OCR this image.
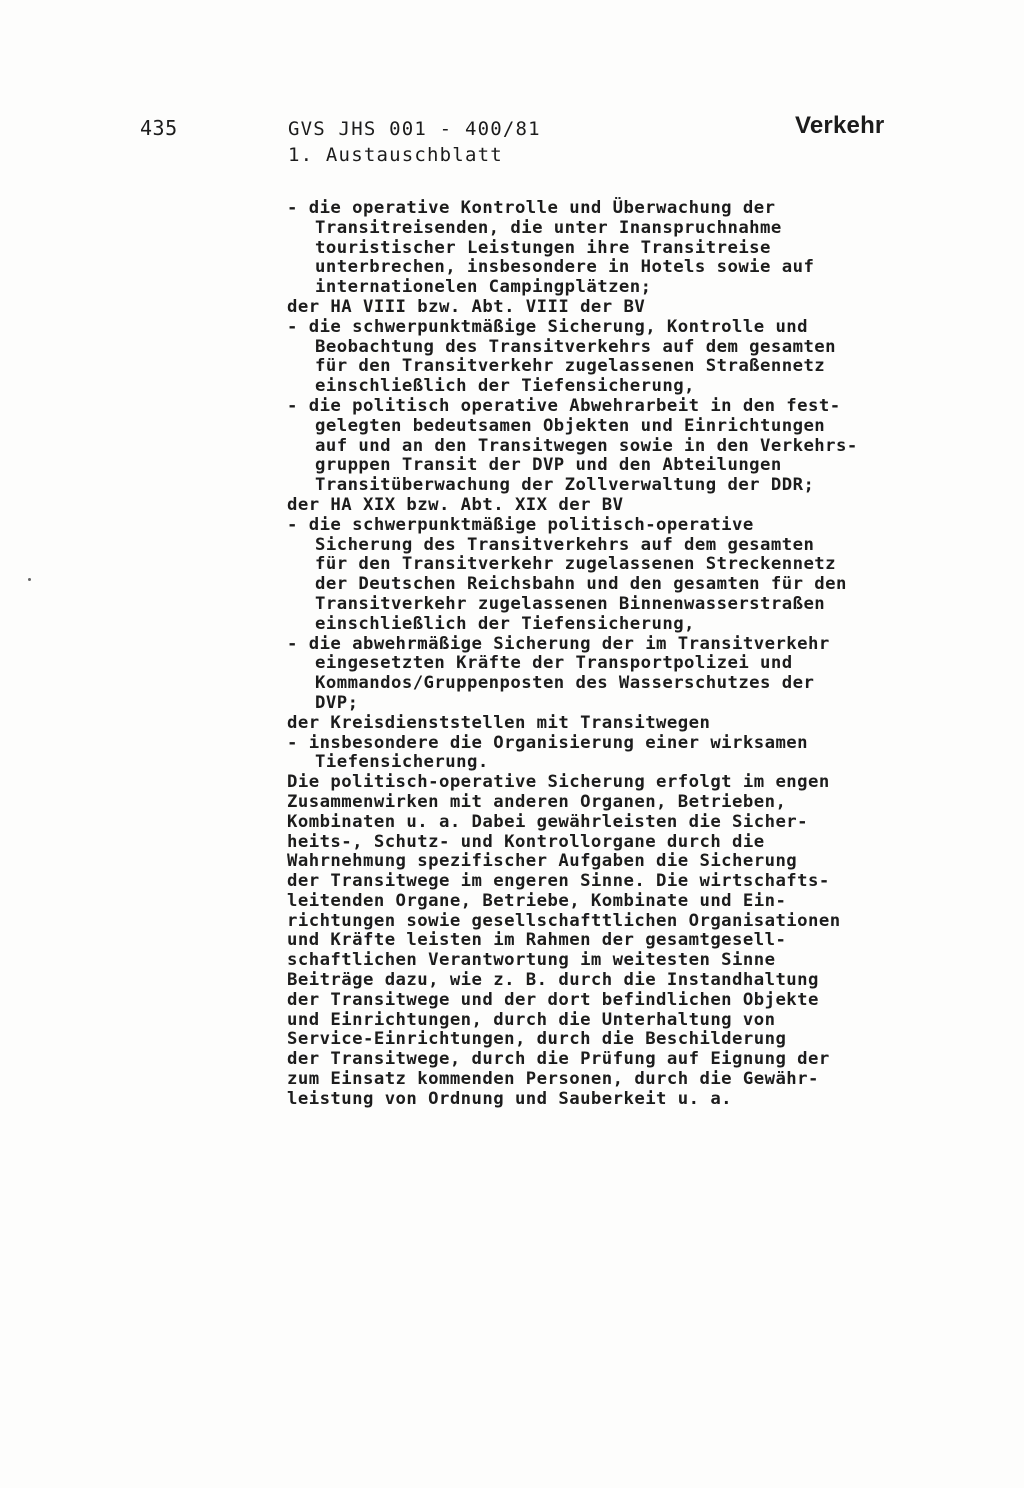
435	GVS JHS 001 - 400/81
1. Austauschblatt
Verkehr
- die operative Kontrolle und Überwachung der
Transitreisenden, die unter Inanspruchnahme
touristischer Leistungen ihre Transitreise
unterbrechen, insbesondere in Hotels sowie auf
internationelen Campingplätzen;
der HA VIII bzw. Abt. VIII der BV
- die schwerpunktmäßige Sicherung, Kontrolle und
Beobachtung des Transitverkehrs auf dem gesamten
für den Transitverkehr zugelassenen Straßennetz
einschließlich der Tiefensicherung,
- die politisch operative Abwehrarbeit in den fest-
gelegten bedeutsamen Objekten und Einrichtungen
auf und an den Transitwegen sowie in den Verkehrs-
gruppen Transit der DVP und den Abteilungen
Transitüberwachung der Zollverwaltung der DDR;
der HA XIX bzw. Abt. XIX der BV
- die schwerpunktmäßige politisch-operative
Sicherung des Transitverkehrs auf dem gesamten
für den Transitverkehr zugelassenen Streckennetz
der Deutschen Reichsbahn und den gesamten für den
Transitverkehr zugelassenen Binnenwasserstraßen
einschließlich der Tiefensicherung,
- die abwehrmäßige Sicherung der im Transitverkehr
eingesetzten Kräfte der Transportpolizei und
Kommandos/Gruppenposten des Wasserschutzes der
DVP;
der Kreisdienststellen mit Transitwegen
- insbesondere die Organisierung einer wirksamen
Tiefensicherung.
Die politisch-operative Sicherung erfolgt im engen
Zusammenwirken mit anderen Organen, Betrieben,
Kombinaten u. a. Dabei gewährleisten die Sicher-
heits-, Schutz- und Kontrollorgane durch die
Wahrnehmung spezifischer Aufgaben die Sicherung
der Transitwege im engeren Sinne. Die wirtschafts-
leitenden Organe, Betriebe, Kombinate und Ein-
richtungen sowie gesellschafttlichen Organisationen
und Kräfte leisten im Rahmen der gesamtgesell-
schaftlichen Verantwortung im weitesten Sinne
Beiträge dazu, wie z. B. durch die Instandhaltung
der Transitwege und der dort befindlichen Objekte
und Einrichtungen, durch die Unterhaltung von
Service-Einrichtungen, durch die Beschilderung
der Transitwege, durch die Prüfung auf Eignung der
zum Einsatz kommenden Personen, durch die Gewähr-
leistung von Ordnung und Sauberkeit u. a.
